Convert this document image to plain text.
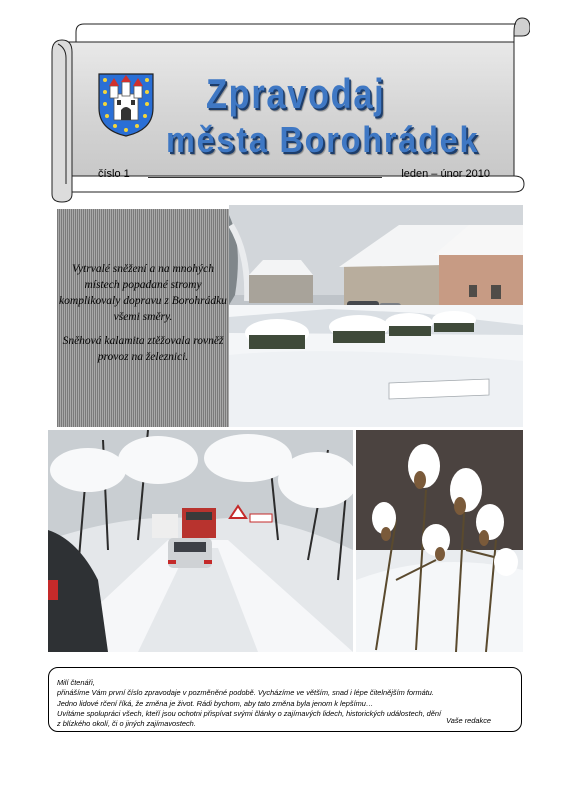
Zpravodaj
města Borohrádek
číslo 1	leden – únor 2010

Vytrvalé sněžení a na mnohých místech popadané stromy komplikovaly dopravu z Borohrádku všemi směry.

Sněhová kalamita ztěžovala rovněž provoz na železnici.

Milí čtenáři,
přinášíme Vám první číslo zpravodaje v pozměněné podobě. Vycházíme ve větším, snad i lépe čitelnějším formátu.
Jedno lidové rčení říká, že změna je život. Rádi bychom, aby tato změna byla jenom k lepšímu…
Uvítáme spolupráci všech, kteří jsou ochotni přispívat svými články o zajímavých lidech, historických událostech, dění
z blízkého okolí, či o jiných zajímavostech.	Vaše redakce
